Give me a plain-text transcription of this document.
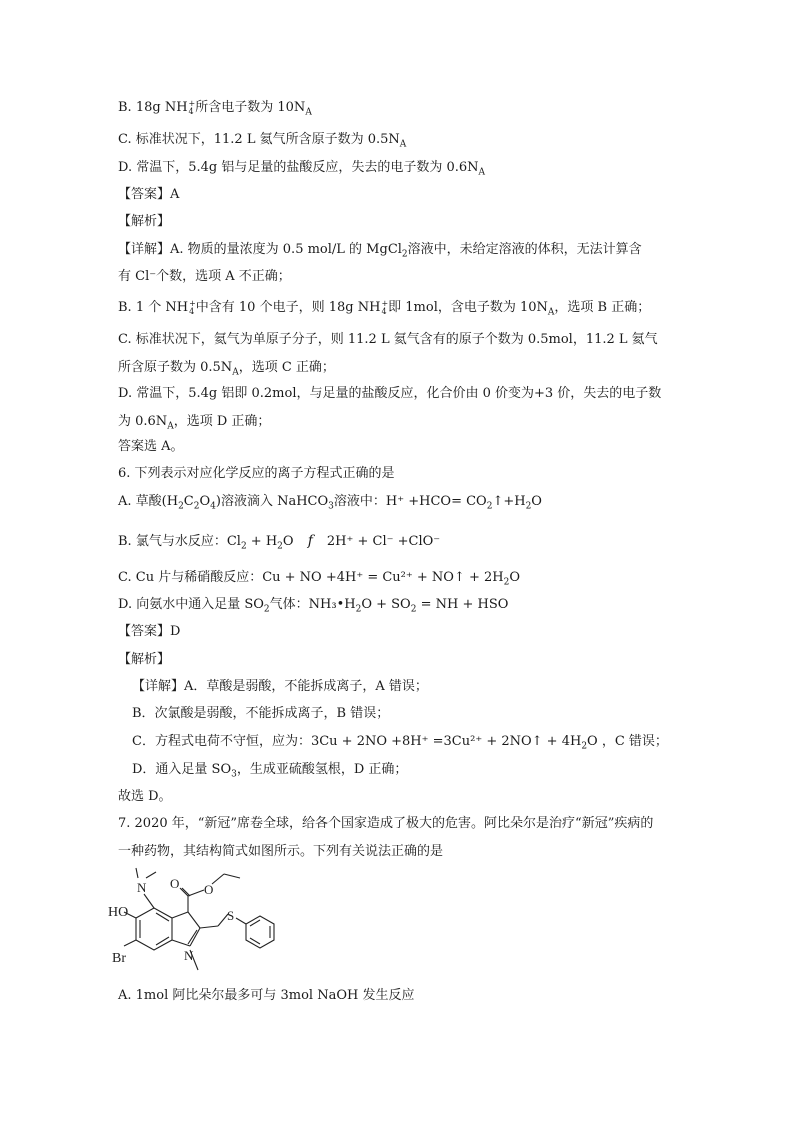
B. 18g NH +
4 所含电子数为 $10N_A$
C. 标准状况下，11.2 L 氦气所含原子数为 $0.5N_A$
D. 常温下，5.4g 铝与足量的盐酸反应，失去的电子数为 $0.6N_A$
【答案】A
【解析】
【详解】A. 物质的量浓度为 0.5 mol/L 的 MgCl$_2$溶液中，未给定溶液的体积，无法计算含
有 Cl⁻个数，选项 A 不正确；
B. 1 个 NH +
4 中含有 10 个电子，则 18g NH +
4 即 1mol，含电子数为 $10N_A$，选项 B 正确；
C. 标准状况下，氦气为单原子分子，则 11.2 L 氦气含有的原子个数为 0.5mol，11.2 L 氦气
所含原子数为 $0.5N_A$，选项 C 正确；
D. 常温下，5.4g 铝即 0.2mol，与足量的盐酸反应，化合价由 0 价变为+3 价，失去的电子数
为 $0.6N_A$，选项 D 正确；
答案选 A。
6. 下列表示对应化学反应的离子方程式正确的是
A. 草酸$(H_2C_2O_4)$溶液滴入 NaHCO$_3$溶液中：$H^+ +HCO= CO_2↑+H_2O$
B. 氯气与水反应：$Cl_2 + H_2O$ f 2H⁺ + Cl⁻ +ClO⁻
C. Cu 片与稀硝酸反应：Cu + NO +4H⁺ = Cu²⁺ + NO↑ + $2H_2O$
D. 向氨水中通入足量 $SO_2$气体：$NH_3•H_2O + SO_2$ = NH + HSO
【答案】D
【解析】
【详解】A．草酸是弱酸，不能拆成离子，A 错误；
B．次氯酸是弱酸，不能拆成离子，B 错误；
C．方程式电荷不守恒，应为：3Cu + 2NO +8H⁺ =3Cu²⁺ + 2NO↑ + $4H_2O$ ，C 错误；
D．通入足量 $SO_3$，生成亚硫酸氢根，D 正确；
故选 D。
7. 2020 年，“新冠”席卷全球，给各个国家造成了极大的危害。阿比朵尔是治疗“新冠”疾病的
一种药物，其结构简式如图所示。下列有关说法正确的是
N O O
HO	S
Br	N
A. 1mol 阿比朵尔最多可与 3mol NaOH 发生反应
